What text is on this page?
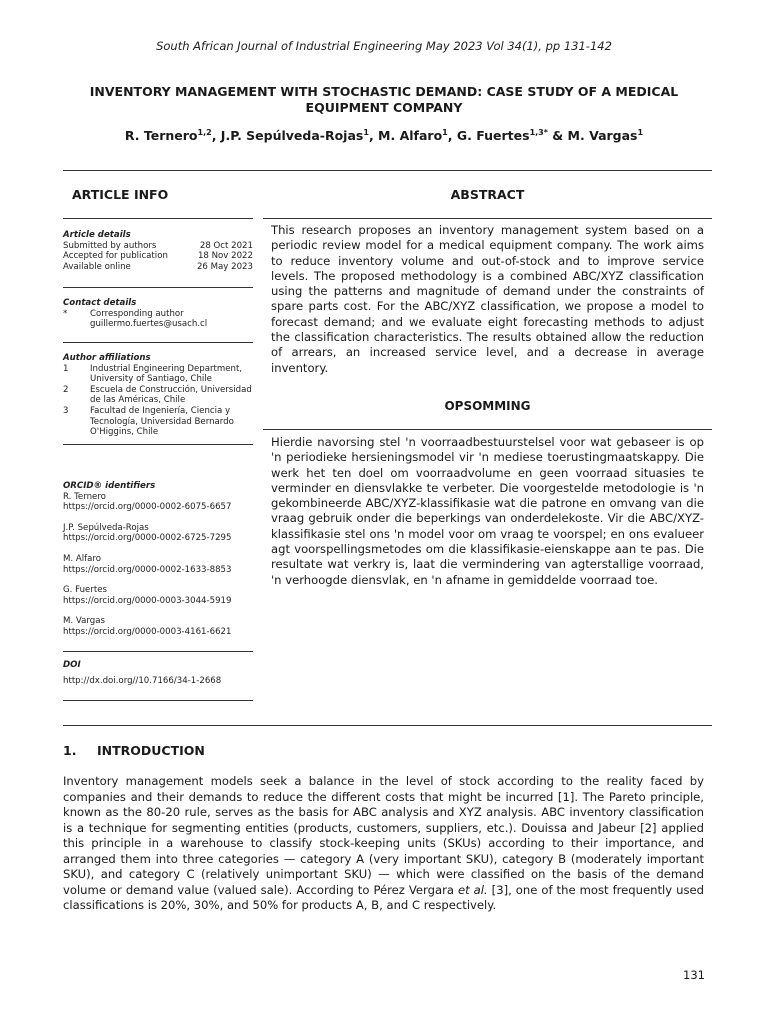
South African Journal of Industrial Engineering May 2023 Vol 34(1), pp 131-142
INVENTORY MANAGEMENT WITH STOCHASTIC DEMAND: CASE STUDY OF A MEDICAL EQUIPMENT COMPANY
R. Ternero$^{1,2}$, J.P. Sepúlveda-Rojas$^1$, M. Alfaro$^1$, G. Fuertes$^{1,3*}$ & M. Vargas$^1$
ARTICLE INFO	ABSTRACT
Article details
Submitted by authors	28 Oct 2021
Accepted for publication	18 Nov 2022
Available online	26 May 2023
Contact details
*	Corresponding author
guillermo.fuertes@usach.cl
Author affiliations
1	Industrial Engineering Department, University of Santiago, Chile
2	Escuela de Construcción, Universidad de las Américas, Chile
3	Facultad de Ingeniería, Ciencia y Tecnología, Universidad Bernardo O'Higgins, Chile
ORCID® identifiers
R. Ternero
https://orcid.org/0000-0002-6075-6657
J.P. Sepúlveda-Rojas
https://orcid.org/0000-0002-6725-7295
M. Alfaro
https://orcid.org/0000-0002-1633-8853
G. Fuertes
https://orcid.org/0000-0003-3044-5919
M. Vargas
https://orcid.org/0000-0003-4161-6621
DOI
http://dx.doi.org//10.7166/34-1-2668
This research proposes an inventory management system based on a periodic review model for a medical equipment company. The work aims to reduce inventory volume and out-of-stock and to improve service levels. The proposed methodology is a combined ABC/XYZ classification using the patterns and magnitude of demand under the constraints of spare parts cost. For the ABC/XYZ classification, we propose a model to forecast demand; and we evaluate eight forecasting methods to adjust the classification characteristics. The results obtained allow the reduction of arrears, an increased service level, and a decrease in average inventory.
OPSOMMING
Hierdie navorsing stel 'n voorraadbestuurstelsel voor wat gebaseer is op 'n periodieke hersieningsmodel vir 'n mediese toerustingmaatskappy. Die werk het ten doel om voorraadvolume en geen voorraad situasies te verminder en diensvlakke te verbeter. Die voorgestelde metodologie is 'n gekombineerde ABC/XYZ-klassifikasie wat die patrone en omvang van die vraag gebruik onder die beperkings van onderdelekoste. Vir die ABC/XYZ-klassifikasie stel ons 'n model voor om vraag te voorspel; en ons evalueer agt voorspellingsmetodes om die klassifikasie-eienskappe aan te pas. Die resultate wat verkry is, laat die vermindering van agterstallige voorraad, 'n verhoogde diensvlak, en 'n afname in gemiddelde voorraad toe.
1. INTRODUCTION
Inventory management models seek a balance in the level of stock according to the reality faced by companies and their demands to reduce the different costs that might be incurred [1]. The Pareto principle, known as the 80-20 rule, serves as the basis for ABC analysis and XYZ analysis. ABC inventory classification is a technique for segmenting entities (products, customers, suppliers, etc.). Douissa and Jabeur [2] applied this principle in a warehouse to classify stock-keeping units (SKUs) according to their importance, and arranged them into three categories — category A (very important SKU), category B (moderately important SKU), and category C (relatively unimportant SKU) — which were classified on the basis of the demand volume or demand value (valued sale). According to Pérez Vergara et al. [3], one of the most frequently used classifications is 20%, 30%, and 50% for products A, B, and C respectively.
131
